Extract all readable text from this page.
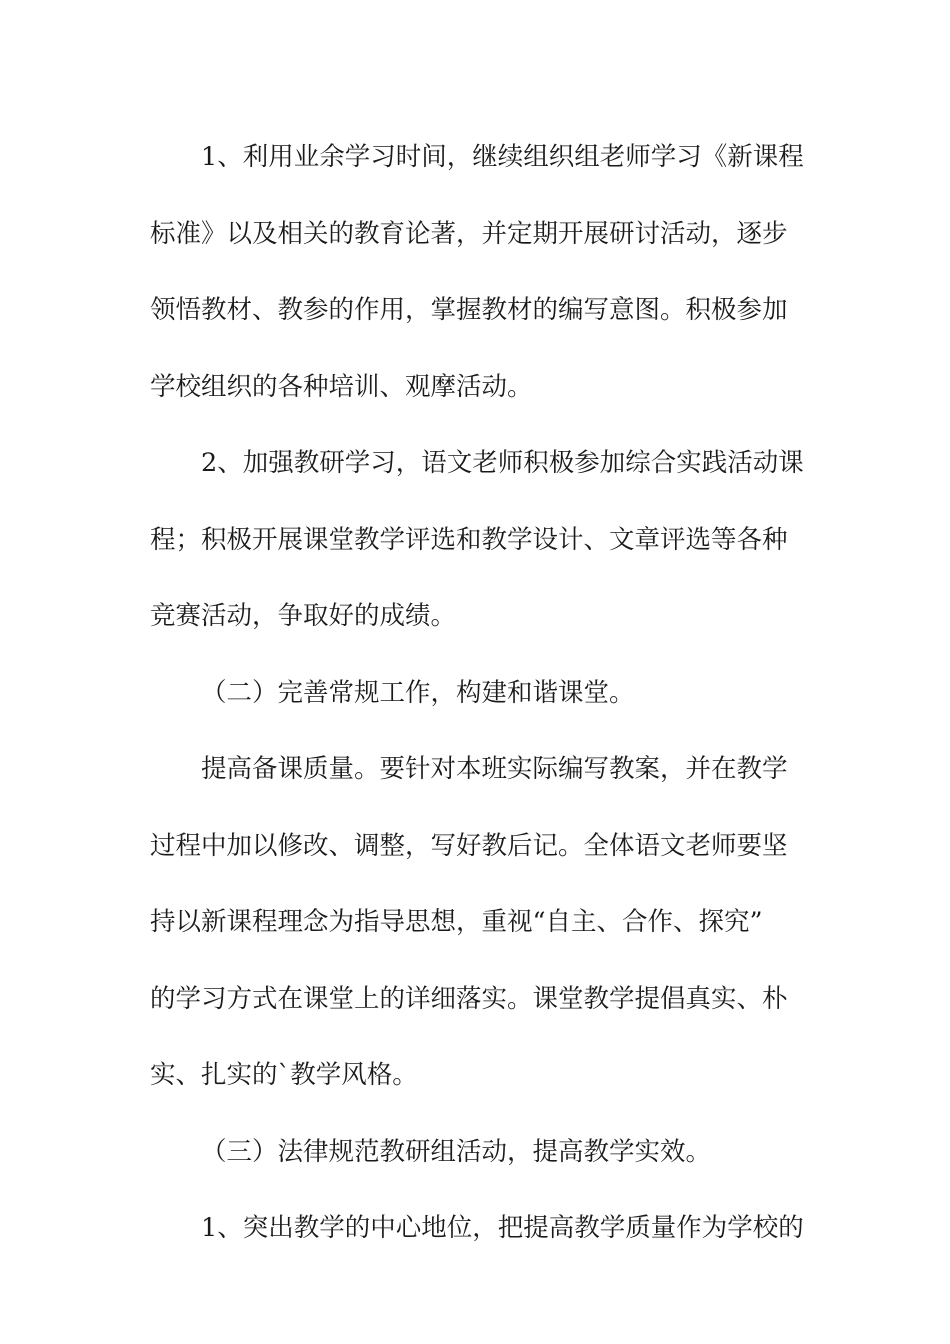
1、利用业余学习时间，继续组织组老师学习《新课程
标准》以及相关的教育论著，并定期开展研讨活动，逐步
领悟教材、教参的作用，掌握教材的编写意图。积极参加
学校组织的各种培训、观摩活动。

2、加强教研学习，语文老师积极参加综合实践活动课
程；积极开展课堂教学评选和教学设计、文章评选等各种
竞赛活动，争取好的成绩。

（二）完善常规工作，构建和谐课堂。

提高备课质量。要针对本班实际编写教案，并在教学
过程中加以修改、调整，写好教后记。全体语文老师要坚
持以新课程理念为指导思想，重视“自主、合作、探究”
的学习方式在课堂上的详细落实。课堂教学提倡真实、朴
实、扎实的`教学风格。

（三）法律规范教研组活动，提高教学实效。

1、突出教学的中心地位，把提高教学质量作为学校的
